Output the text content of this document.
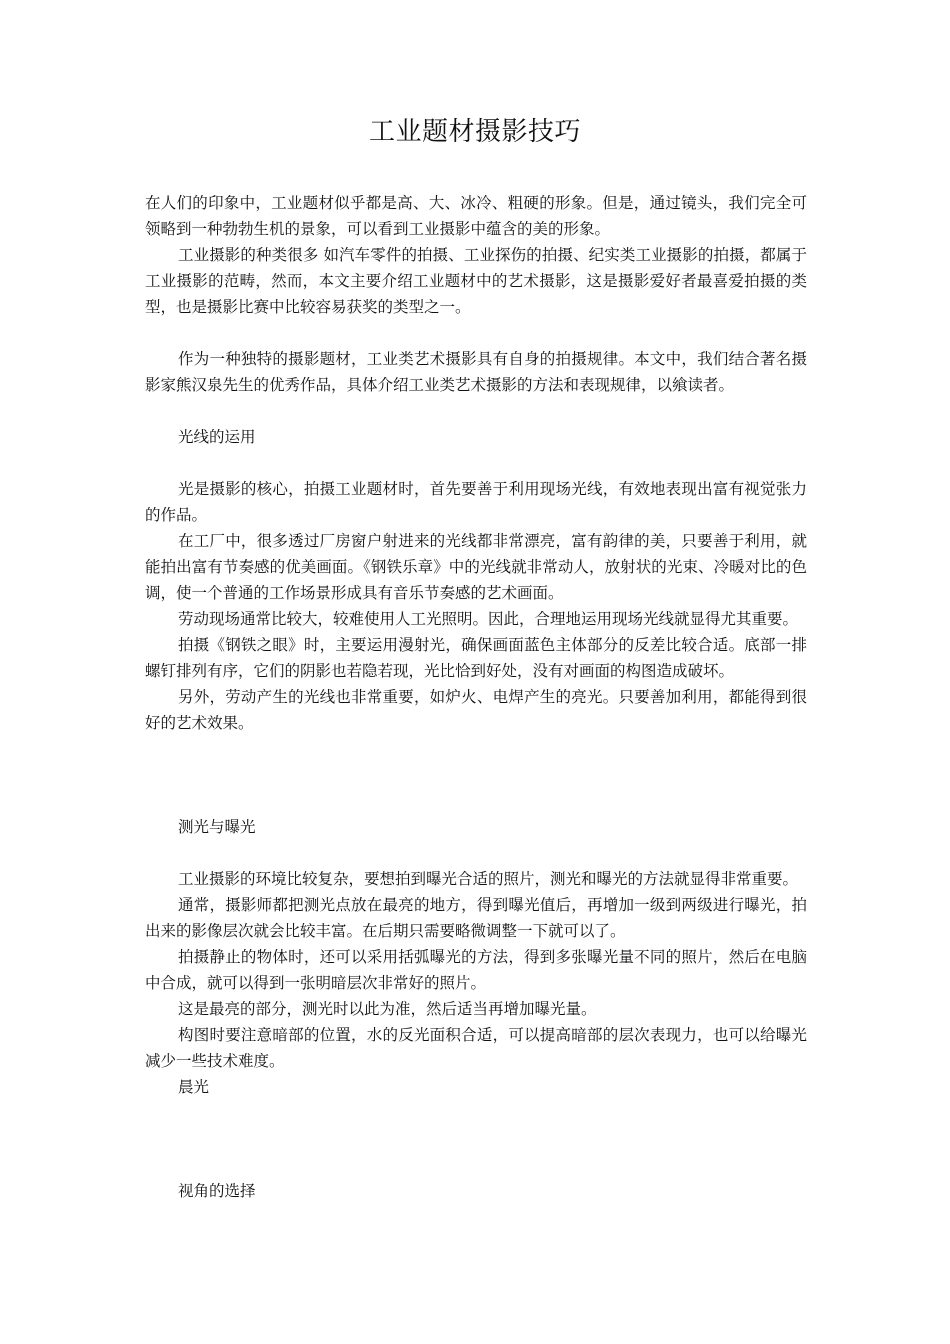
工业题材摄影技巧

在人们的印象中，工业题材似乎都是高、大、冰冷、粗硬的形象。但是，通过镜头，我们完全可领略到一种勃勃生机的景象，可以看到工业摄影中蕴含的美的形象。

工业摄影的种类很多 如汽车零件的拍摄、工业探伤的拍摄、纪实类工业摄影的拍摄，都属于工业摄影的范畴，然而，本文主要介绍工业题材中的艺术摄影，这是摄影爱好者最喜爱拍摄的类型，也是摄影比赛中比较容易获奖的类型之一。

作为一种独特的摄影题材，工业类艺术摄影具有自身的拍摄规律。本文中，我们结合著名摄影家熊汉泉先生的优秀作品，具体介绍工业类艺术摄影的方法和表现规律，以飨读者。

光线的运用

光是摄影的核心，拍摄工业题材时，首先要善于利用现场光线，有效地表现出富有视觉张力的作品。

在工厂中，很多透过厂房窗户射进来的光线都非常漂亮，富有韵律的美，只要善于利用，就能拍出富有节奏感的优美画面。《钢铁乐章》中的光线就非常动人，放射状的光束、冷暖对比的色调，使一个普通的工作场景形成具有音乐节奏感的艺术画面。

劳动现场通常比较大，较难使用人工光照明。因此，合理地运用现场光线就显得尤其重要。

拍摄《钢铁之眼》时，主要运用漫射光，确保画面蓝色主体部分的反差比较合适。底部一排螺钉排列有序，它们的阴影也若隐若现，光比恰到好处，没有对画面的构图造成破坏。

另外，劳动产生的光线也非常重要，如炉火、电焊产生的亮光。只要善加利用，都能得到很好的艺术效果。

测光与曝光

工业摄影的环境比较复杂，要想拍到曝光合适的照片，测光和曝光的方法就显得非常重要。

通常，摄影师都把测光点放在最亮的地方，得到曝光值后，再增加一级到两级进行曝光，拍出来的影像层次就会比较丰富。在后期只需要略微调整一下就可以了。

拍摄静止的物体时，还可以采用括弧曝光的方法，得到多张曝光量不同的照片，然后在电脑中合成，就可以得到一张明暗层次非常好的照片。

这是最亮的部分，测光时以此为准，然后适当再增加曝光量。

构图时要注意暗部的位置，水的反光面积合适，可以提高暗部的层次表现力，也可以给曝光减少一些技术难度。

晨光

视角的选择
